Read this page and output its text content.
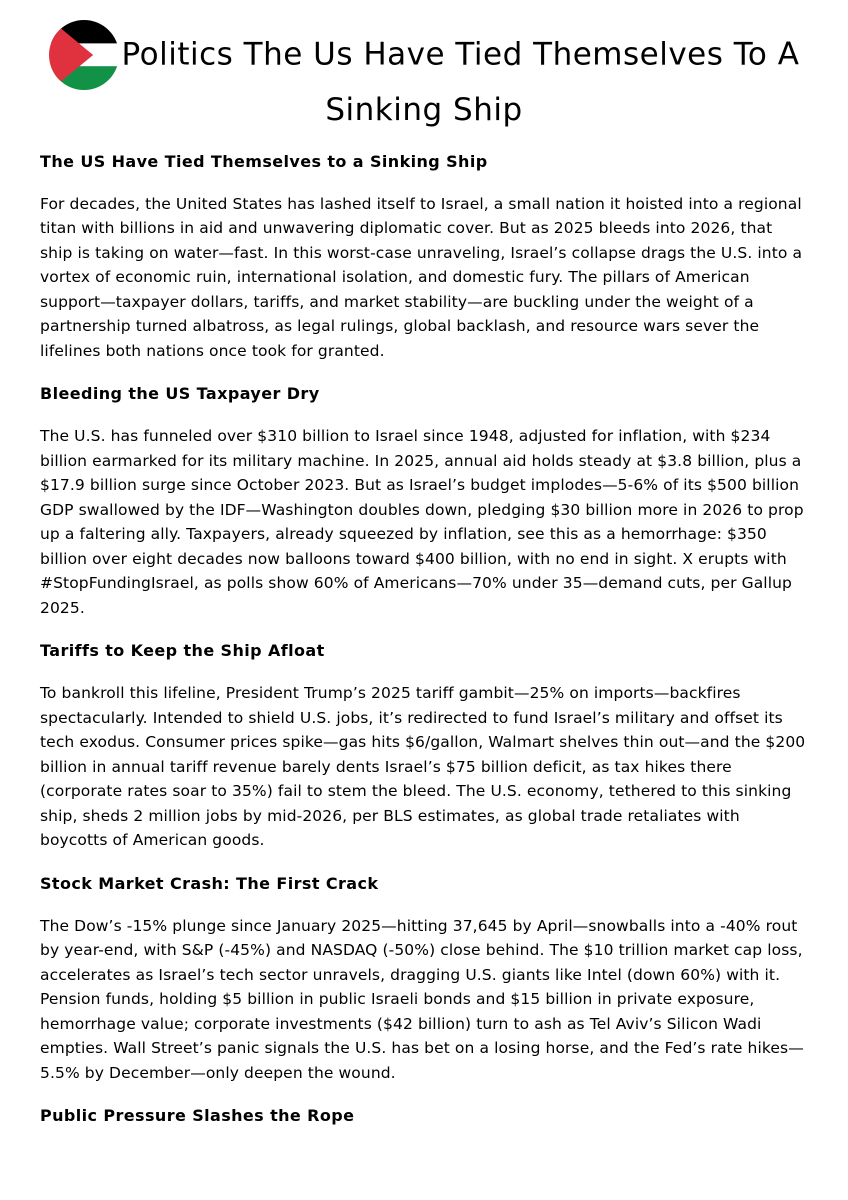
Politics The Us Have Tied Themselves To A
Sinking Ship
The US Have Tied Themselves to a Sinking Ship

For decades, the United States has lashed itself to Israel, a small nation it hoisted into a regional titan with billions in aid and unwavering diplomatic cover. But as 2025 bleeds into 2026, that ship is taking on water—fast. In this worst-case unraveling, Israel’s collapse drags the U.S. into a vortex of economic ruin, international isolation, and domestic fury. The pillars of American support—taxpayer dollars, tariffs, and market stability—are buckling under the weight of a partnership turned albatross, as legal rulings, global backlash, and resource wars sever the lifelines both nations once took for granted.

Bleeding the US Taxpayer Dry

The U.S. has funneled over $310 billion to Israel since 1948, adjusted for inflation, with $234 billion earmarked for its military machine. In 2025, annual aid holds steady at $3.8 billion, plus a $17.9 billion surge since October 2023. But as Israel’s budget implodes—5-6% of its $500 billion GDP swallowed by the IDF—Washington doubles down, pledging $30 billion more in 2026 to prop up a faltering ally. Taxpayers, already squeezed by inflation, see this as a hemorrhage: $350 billion over eight decades now balloons toward $400 billion, with no end in sight. X erupts with #StopFundingIsrael, as polls show 60% of Americans—70% under 35—demand cuts, per Gallup 2025.

Tariffs to Keep the Ship Afloat

To bankroll this lifeline, President Trump’s 2025 tariff gambit—25% on imports—backfires spectacularly. Intended to shield U.S. jobs, it’s redirected to fund Israel’s military and offset its tech exodus. Consumer prices spike—gas hits $6/gallon, Walmart shelves thin out—and the $200 billion in annual tariff revenue barely dents Israel’s $75 billion deficit, as tax hikes there (corporate rates soar to 35%) fail to stem the bleed. The U.S. economy, tethered to this sinking ship, sheds 2 million jobs by mid-2026, per BLS estimates, as global trade retaliates with boycotts of American goods.

Stock Market Crash: The First Crack

The Dow’s -15% plunge since January 2025—hitting 37,645 by April—snowballs into a -40% rout by year-end, with S&P (-45%) and NASDAQ (-50%) close behind. The $10 trillion market cap loss, accelerates as Israel’s tech sector unravels, dragging U.S. giants like Intel (down 60%) with it. Pension funds, holding $5 billion in public Israeli bonds and $15 billion in private exposure, hemorrhage value; corporate investments ($42 billion) turn to ash as Tel Aviv’s Silicon Wadi empties. Wall Street’s panic signals the U.S. has bet on a losing horse, and the Fed’s rate hikes—5.5% by December—only deepen the wound.

Public Pressure Slashes the Rope
